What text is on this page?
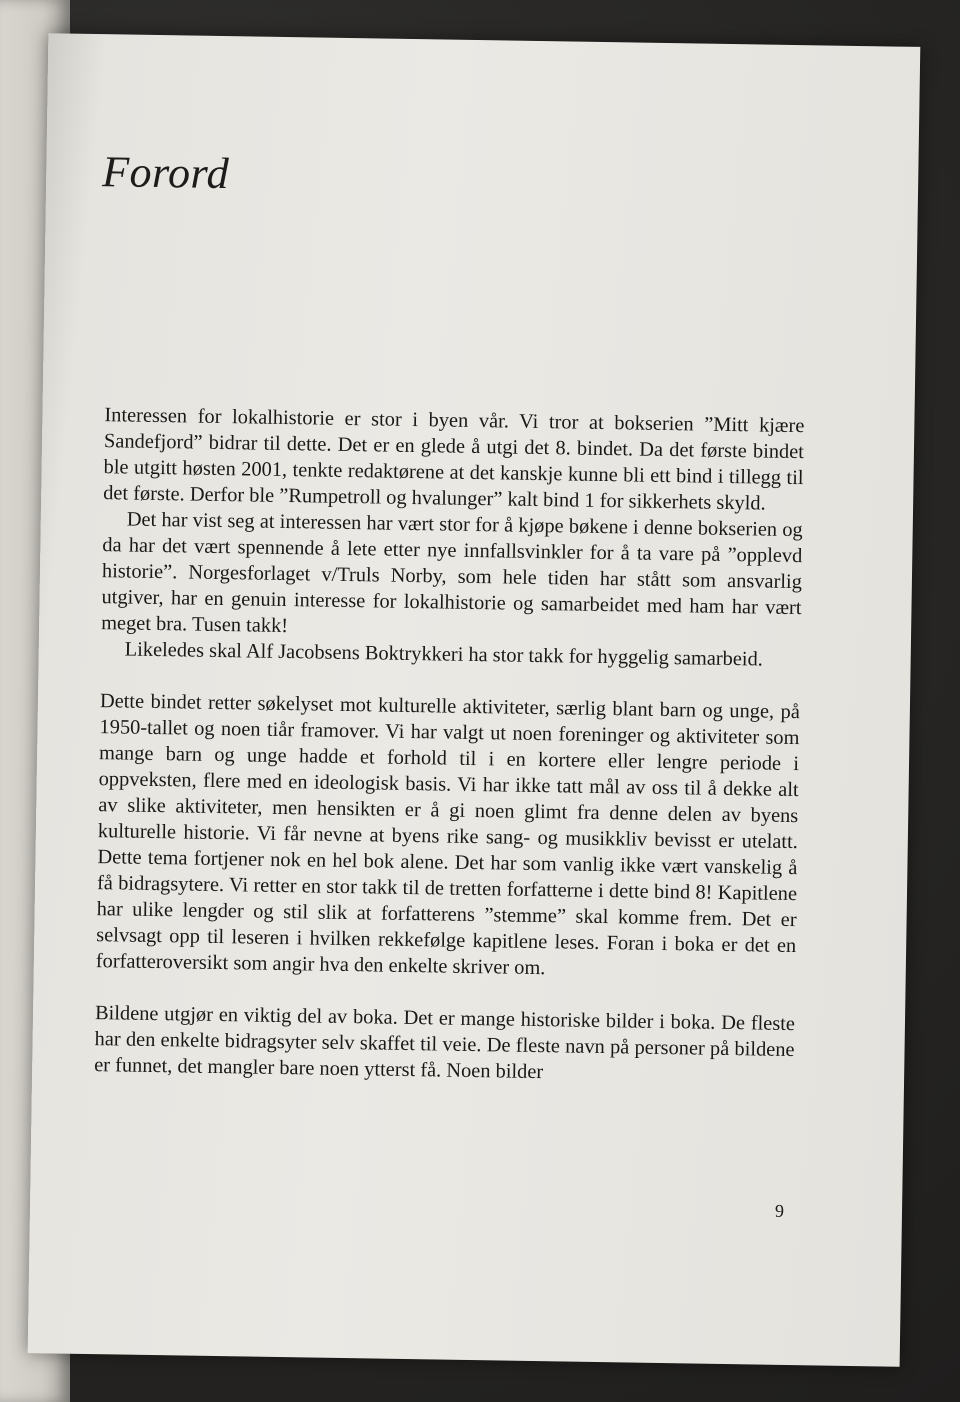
Forord

Interessen for lokalhistorie er stor i byen vår. Vi tror at bokserien ”Mitt kjære Sandefjord” bidrar til dette. Det er en glede å utgi det 8. bindet. Da det første bindet ble utgitt høsten 2001, tenkte redaktørene at det kanskje kunne bli ett bind i tillegg til det første. Derfor ble ”Rumpetroll og hvalunger” kalt bind 1 for sikkerhets skyld.

Det har vist seg at interessen har vært stor for å kjøpe bøkene i denne bokserien og da har det vært spennende å lete etter nye innfallsvinkler for å ta vare på ”opplevd historie”. Norgesforlaget v/Truls Norby, som hele tiden har stått som ansvarlig utgiver, har en genuin interesse for lokalhistorie og samarbeidet med ham har vært meget bra. Tusen takk!

Likeledes skal Alf Jacobsens Boktrykkeri ha stor takk for hyggelig samarbeid.

Dette bindet retter søkelyset mot kulturelle aktiviteter, særlig blant barn og unge, på 1950-tallet og noen tiår framover. Vi har valgt ut noen foreninger og aktiviteter som mange barn og unge hadde et forhold til i en kortere eller lengre periode i oppveksten, flere med en ideologisk basis. Vi har ikke tatt mål av oss til å dekke alt av slike aktiviteter, men hensikten er å gi noen glimt fra denne delen av byens kulturelle historie. Vi får nevne at byens rike sang- og musikkliv bevisst er utelatt. Dette tema fortjener nok en hel bok alene. Det har som vanlig ikke vært vanskelig å få bidragsytere. Vi retter en stor takk til de tretten forfatterne i dette bind 8! Kapitlene har ulike lengder og stil slik at forfatterens ”stemme” skal komme frem. Det er selvsagt opp til leseren i hvilken rekkefølge kapitlene leses. Foran i boka er det en forfatteroversikt som angir hva den enkelte skriver om.

Bildene utgjør en viktig del av boka. Det er mange historiske bilder i boka. De fleste har den enkelte bidragsyter selv skaffet til veie. De fleste navn på personer på bildene er funnet, det mangler bare noen ytterst få. Noen bilder

9
